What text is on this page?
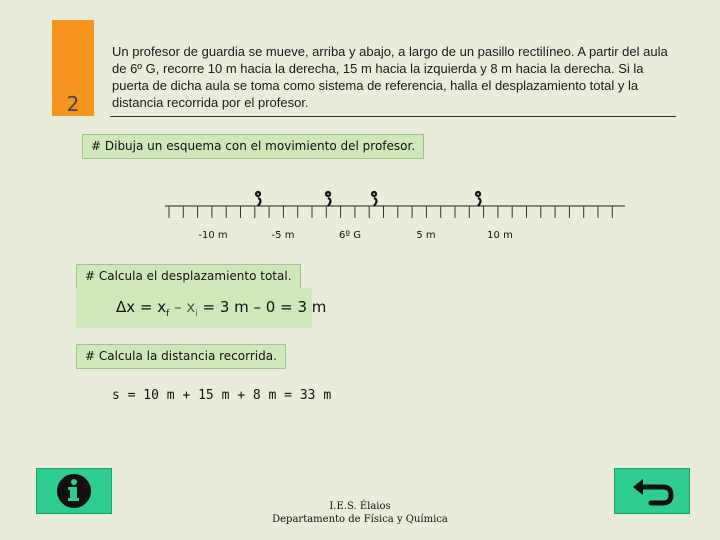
2
Un profesor de guardia se mueve, arriba y abajo, a largo de un pasillo rectilíneo. A partir del aula de 6º G, recorre 10 m hacia la derecha, 15 m hacia la izquierda y 8 m hacia la derecha. Si la puerta de dicha aula se toma como sistema de referencia, halla el desplazamiento total y la distancia recorrida por el profesor.
# Dibuja un esquema con el movimiento del profesor.
-10 m	-5 m	6º G	5 m	10 m
# Calcula el desplazamiento total.
$\Delta x = x_f - x_i = 3$ m – 0 = 3 m
# Calcula la distancia recorrida.
s = 10 m + 15 m + 8 m = 33 m
I.E.S. Élaios
Departamento de Física y Química
